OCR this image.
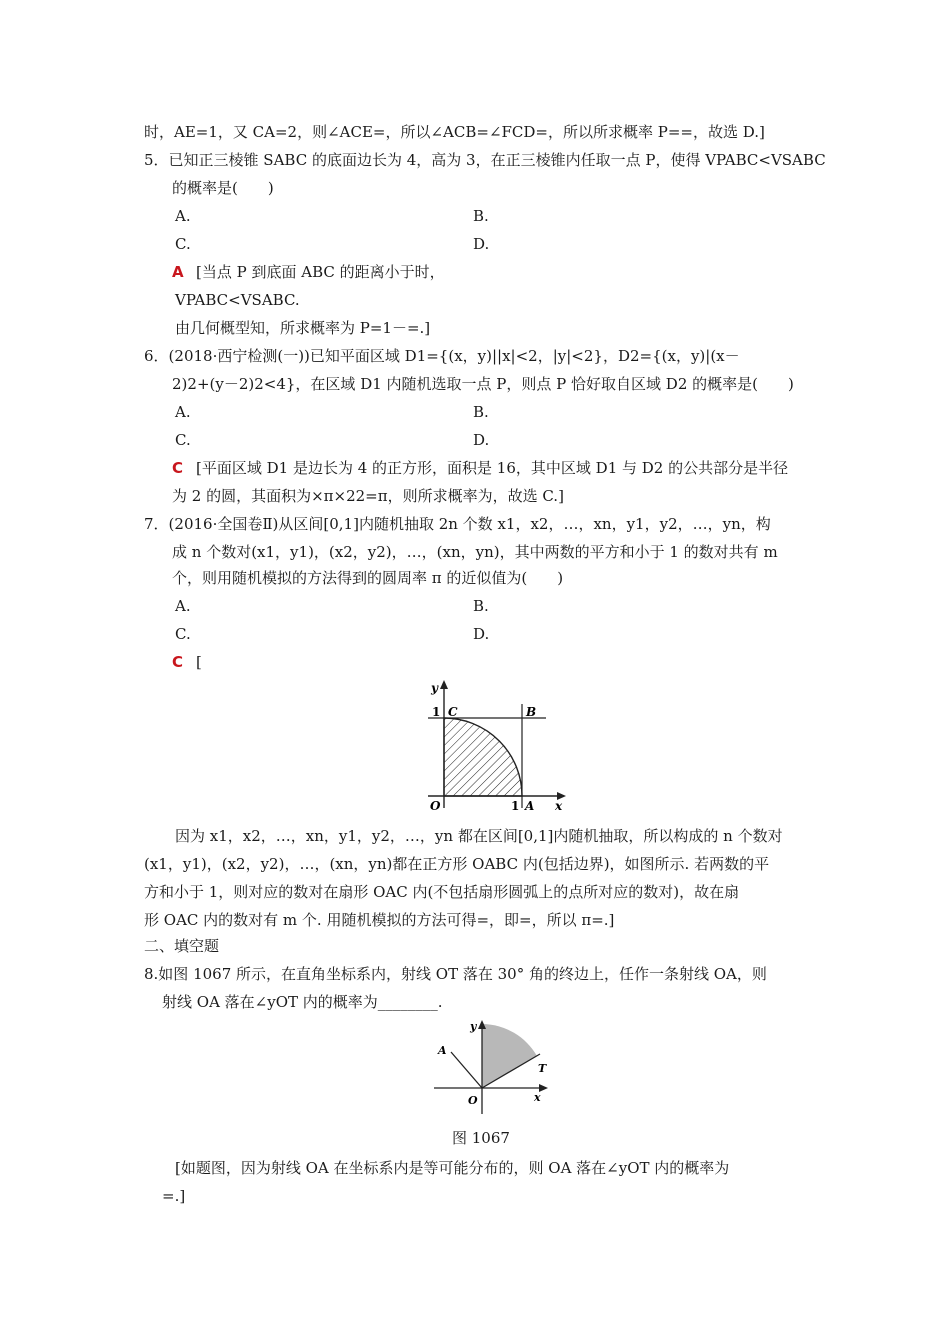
时，AE=1，又 CA=2，则∠ACE=，所以∠ACB=∠FCD=，所以所求概率 P==，故选 D.]
5．已知正三棱锥 SABC 的底面边长为 4，高为 3，在正三棱锥内任取一点 P，使得 VPABC<VSABC
的概率是(　　)
A.	B.
C.	D.
A [当点 P 到底面 ABC 的距离小于时，
VPABC<VSABC.
由几何概型知，所求概率为 P=1－=.]
6．(2018·西宁检测(一))已知平面区域 D1={(x，y)||x|<2，|y|<2}，D2={(x，y)|(x－
2)2+(y－2)2<4}，在区域 D1 内随机选取一点 P，则点 P 恰好取自区域 D2 的概率是(　　)
A.	B.
C.	D.
C [平面区域 D1 是边长为 4 的正方形，面积是 16，其中区域 D1 与 D2 的公共部分是半径
为 2 的圆，其面积为×π×22=π，则所求概率为，故选 C.]
7．(2016·全国卷Ⅱ)从区间[0,1]内随机抽取 2n 个数 x1，x2，…，xn，y1，y2，…，yn，构
成 n 个数对(x1，y1)，(x2，y2)，…，(xn，yn)，其中两数的平方和小于 1 的数对共有 m
个，则用随机模拟的方法得到的圆周率 π 的近似值为(　　)
A.	B.
C.	D.
C [
y
1 C	B
O	1 A x
因为 x1，x2，…，xn，y1，y2，…，yn 都在区间[0,1]内随机抽取，所以构成的 n 个数对
(x1，y1)，(x2，y2)，…，(xn，yn)都在正方形 OABC 内(包括边界)，如图所示. 若两数的平
方和小于 1，则对应的数对在扇形 OAC 内(不包括扇形圆弧上的点所对应的数对)，故在扇
形 OAC 内的数对有 m 个. 用随机模拟的方法可得=，即=，所以 π=.]
二、填空题
8.如图 1067 所示，在直角坐标系内，射线 OT 落在 30° 角的终边上，任作一条射线 OA，则
射线 OA 落在∠yOT 内的概率为________.
y
A
T
O	x
图 1067
[如题图，因为射线 OA 在坐标系内是等可能分布的，则 OA 落在∠yOT 内的概率为
=.]
